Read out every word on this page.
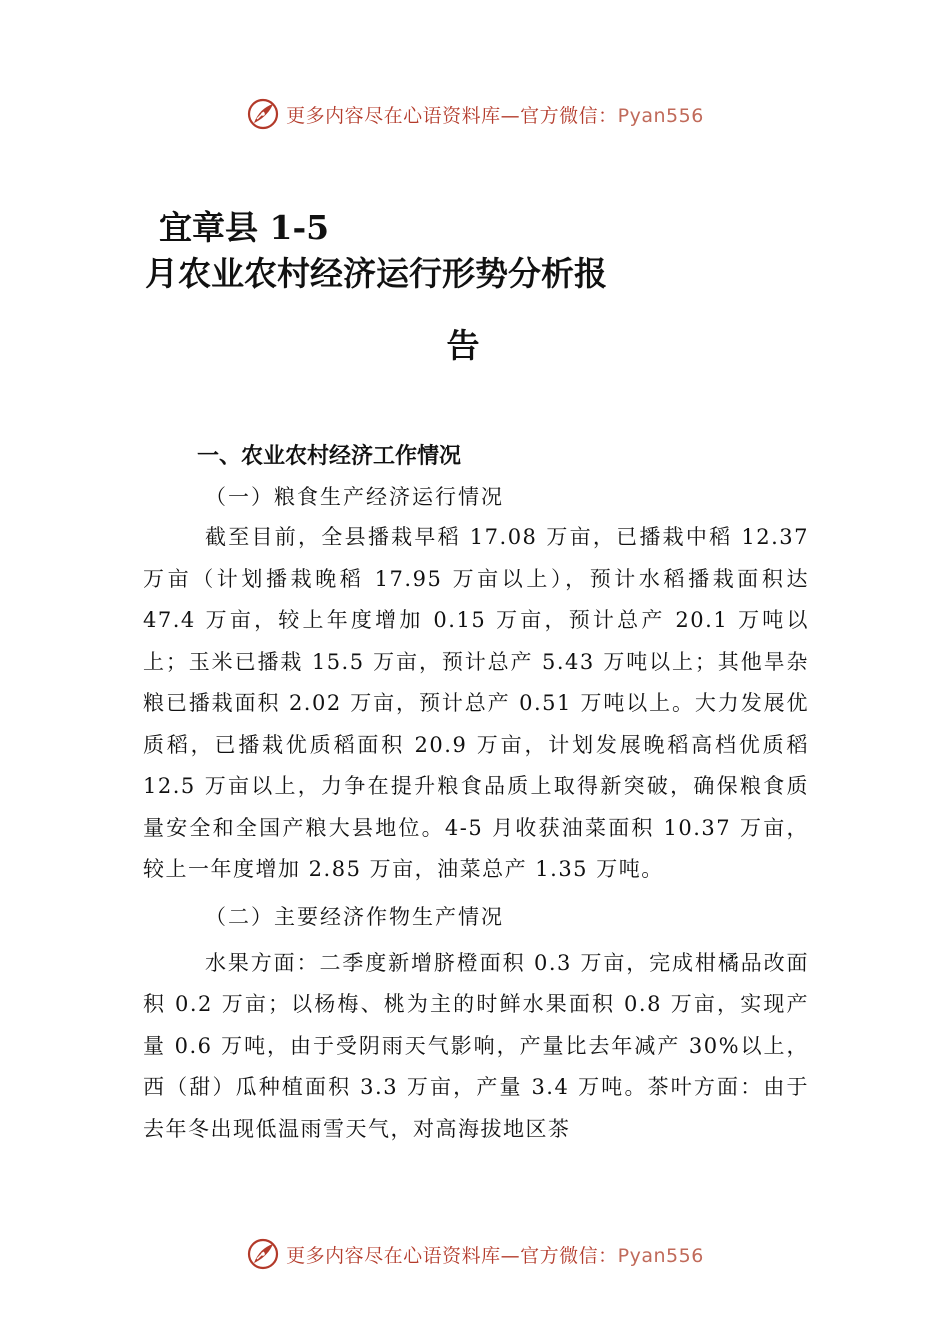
更多内容尽在心语资料库—官方微信：Pyan556
宜章县 1-5
月农业农村经济运行形势分析报
告

一、农业农村经济工作情况

（一）粮食生产经济运行情况

截至目前，全县播栽早稻 17.08 万亩，已播栽中稻 12.37 万亩（计划播栽晚稻 17.95 万亩以上），预计水稻播栽面积达 47.4 万亩，较上年度增加 0.15 万亩，预计总产 20.1 万吨以上；玉米已播栽 15.5 万亩，预计总产 5.43 万吨以上；其他旱杂粮已播栽面积 2.02 万亩，预计总产 0.51 万吨以上。大力发展优质稻，已播栽优质稻面积 20.9 万亩，计划发展晚稻高档优质稻 12.5 万亩以上，力争在提升粮食品质上取得新突破，确保粮食质量安全和全国产粮大县地位。4-5 月收获油菜面积 10.37 万亩，较上一年度增加 2.85 万亩，油菜总产 1.35 万吨。

（二）主要经济作物生产情况

水果方面：二季度新增脐橙面积 0.3 万亩，完成柑橘品改面积 0.2 万亩；以杨梅、桃为主的时鲜水果面积 0.8 万亩，实现产量 0.6 万吨，由于受阴雨天气影响，产量比去年减产 30%以上，西（甜）瓜种植面积 3.3 万亩，产量 3.4 万吨。茶叶方面：由于去年冬出现低温雨雪天气，对高海拔地区茶

更多内容尽在心语资料库—官方微信：Pyan556
